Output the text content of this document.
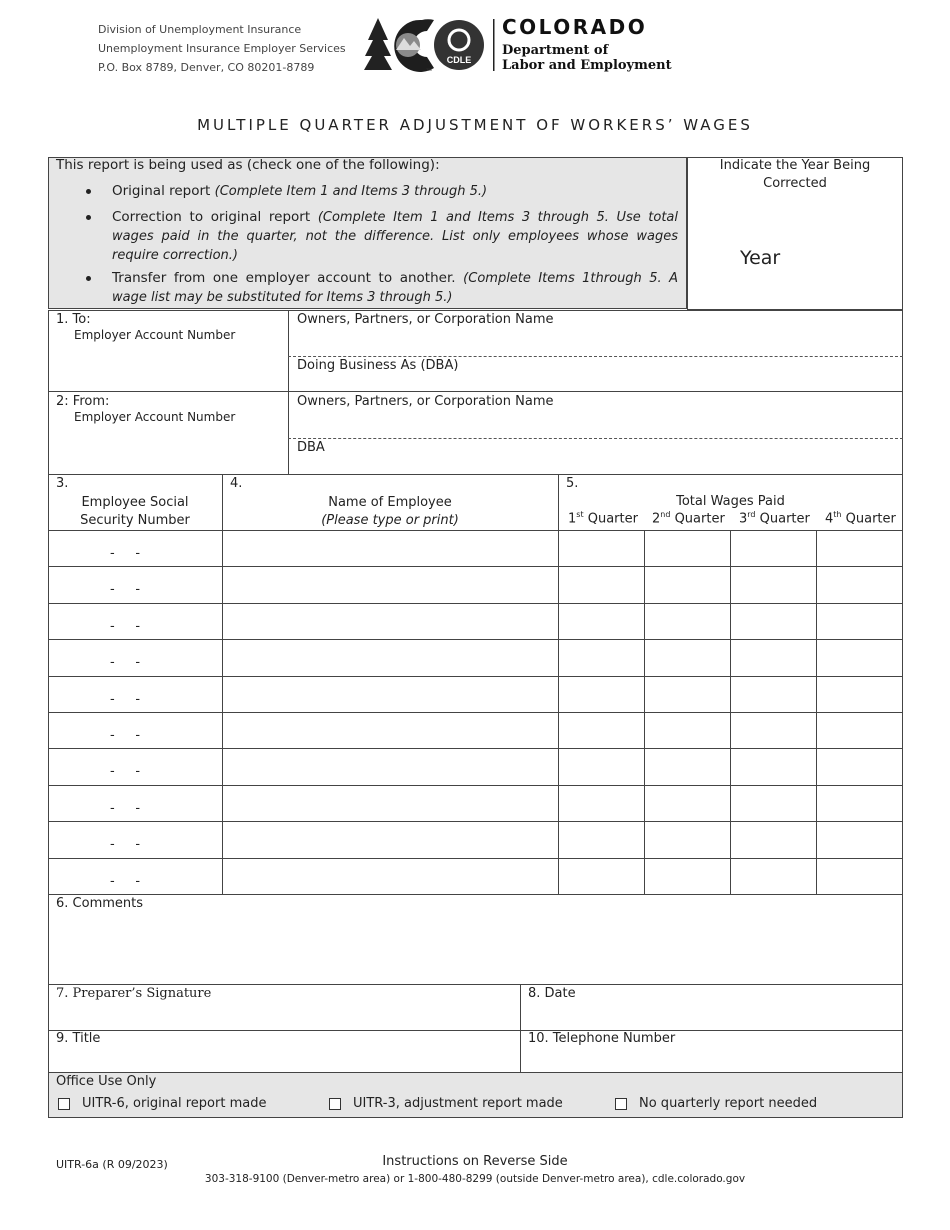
Division of Unemployment Insurance
Unemployment Insurance Employer Services
P.O. Box 8789, Denver, CO 80201-8789
CDLE
TM
COLORADO
Department of
Labor and Employment
MULTIPLE QUARTER ADJUSTMENT OF WORKERS’ WAGES
This report is being used as (check one of the following):
Original report (Complete Item 1 and Items 3 through 5.)
Correction to original report (Complete Item 1 and Items 3 through 5. Use total wages paid in the quarter, not the difference. List only employees whose wages require correction.)
Transfer from one employer account to another. (Complete Items 1through 5. A wage list may be substituted for Items 3 through 5.)
Indicate the Year Being
Corrected
Year
1. To:
Employer Account Number
Owners, Partners, or Corporation Name
Doing Business As (DBA)
2: From:
Employer Account Number
Owners, Partners, or Corporation Name
DBA
3.
Employee Social
Security Number
4.
Name of Employee
(Please type or print)
5.
Total Wages Paid
1st Quarter 2nd Quarter 3rd Quarter 4th Quarter
-     -
-     -
-     -
-     -
-     -
-     -
-     -
-     -
-     -
-     -
6. Comments
7. Preparer’s Signature	8. Date
9. Title	10. Telephone Number
Office Use Only
UITR-6, original report made	UITR-3, adjustment report made	No quarterly report needed
UITR-6a (R 09/2023)	Instructions on Reverse Side
303-318-9100 (Denver-metro area) or 1-800-480-8299 (outside Denver-metro area), cdle.colorado.gov
